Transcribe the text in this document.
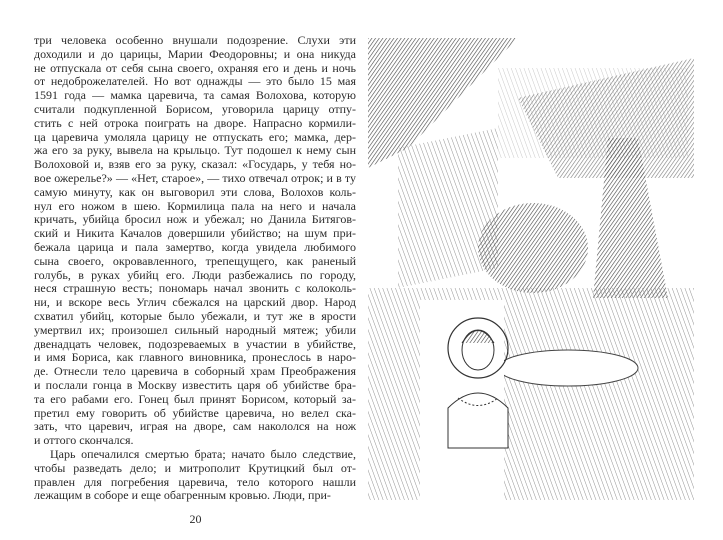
три человека особенно внушали подозрение. Слухи эти
доходили и до царицы, Марии Феодоровны; и она никуда
не отпускала от себя сына своего, охраняя его и день и ночь
от недоброжелателей. Но вот однажды — это было 15 мая
1591 года — мамка царевича, та самая Волохова, которую
считали подкупленной Борисом, уговорила царицу отпу-
стить с ней отрока поиграть на дворе. Напрасно кормили-
ца царевича умоляла царицу не отпускать его; мамка, дер-
жа его за руку, вывела на крыльцо. Тут подошел к нему сын
Волоховой и, взяв его за руку, сказал: «Государь, у тебя но-
вое ожерелье?» — «Нет, старое», — тихо отвечал отрок; и в ту
самую минуту, как он выговорил эти слова, Волохов коль-
нул его ножом в шею. Кормилица пала на него и начала
кричать, убийца бросил нож и убежал; но Данила Битягов-
ский и Никита Качалов довершили убийство; на шум при-
бежала царица и пала замертво, когда увидела любимого
сына своего, окровавленного, трепещущего, как раненый
голубь, в руках убийц его. Люди разбежались по городу,
неся страшную весть; пономарь начал звонить с колоколь-
ни, и вскоре весь Углич сбежался на царский двор. Народ
схватил убийц, которые было убежали, и тут же в ярости
умертвил их; произошел сильный народный мятеж; убили
двенадцать человек, подозреваемых в участии в убийстве,
и имя Бориса, как главного виновника, пронеслось в наро-
де. Отнесли тело царевича в соборный храм Преображения
и послали гонца в Москву известить царя об убийстве бра-
та его рабами его. Гонец был принят Борисом, который за-
претил ему говорить об убийстве царевича, но велел ска-
зать, что царевич, играя на дворе, сам накололся на нож
и оттого скончался.
Царь опечалился смертью брата; начато было следствие,
чтобы разведать дело; и митрополит Крутицкий был от-
правлен для погребения царевича, тело которого нашли
лежащим в соборе и еще обагренным кровью. Люди, при-
20
